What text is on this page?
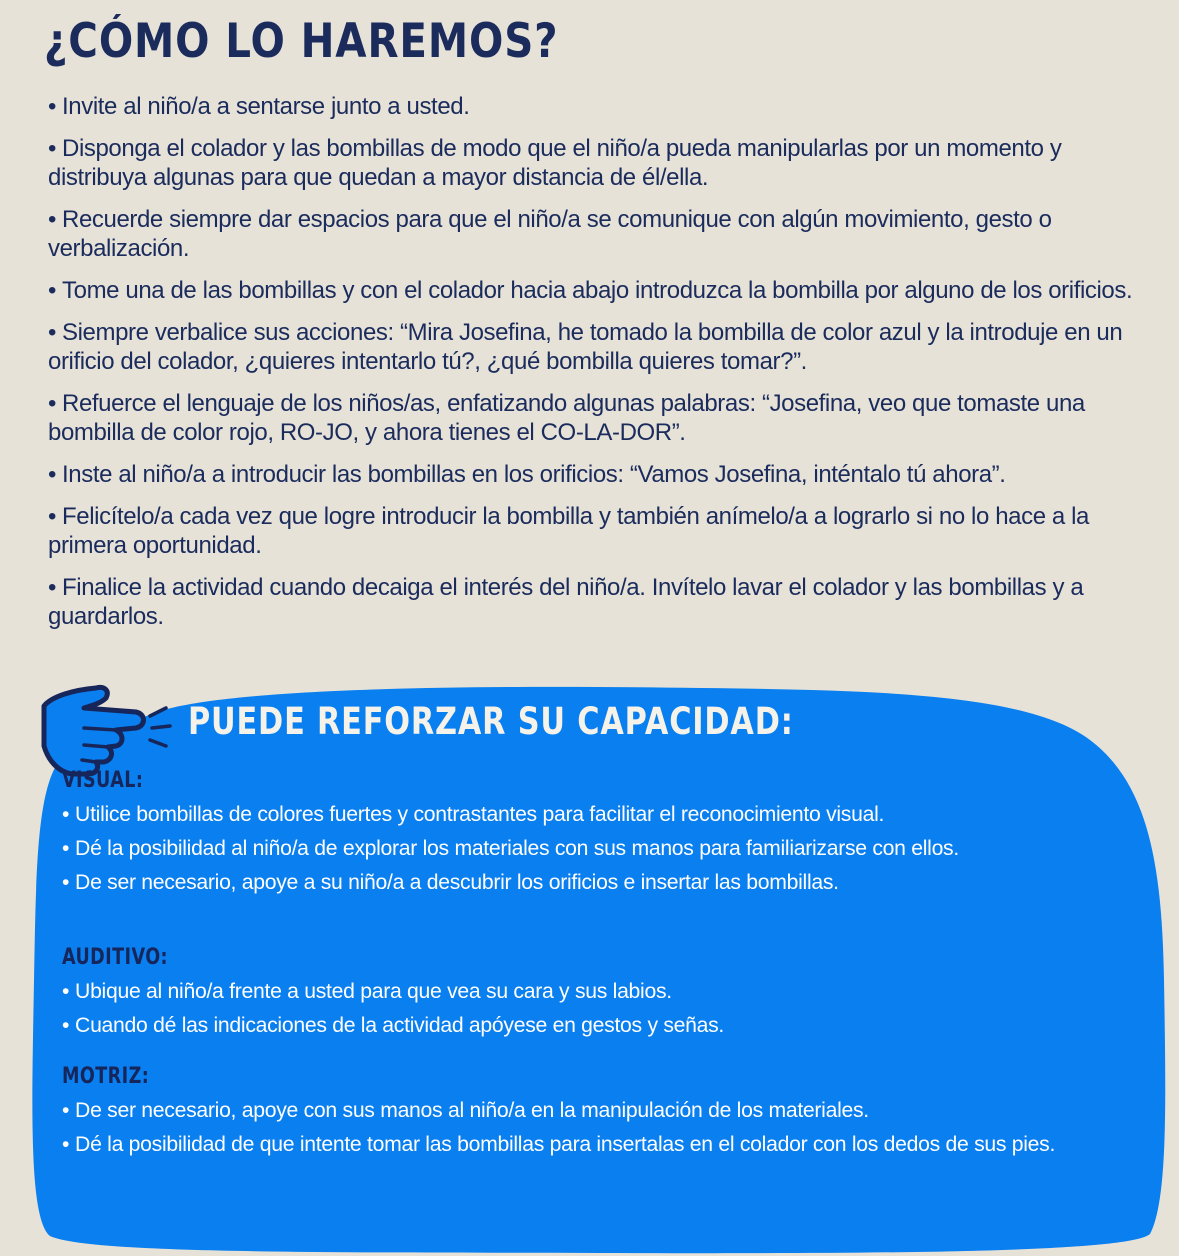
¿CÓMO LO HAREMOS?
• Invite al niño/a a sentarse junto a usted.
• Disponga el colador y las bombillas de modo que el niño/a pueda manipularlas por un momento y distribuya algunas para que quedan a mayor distancia de él/ella.
• Recuerde siempre dar espacios para que el niño/a se comunique con algún movimiento, gesto o verbalización.
• Tome una de las bombillas y con el colador hacia abajo introduzca la bombilla por alguno de los orificios.
• Siempre verbalice sus acciones: “Mira Josefina, he tomado la bombilla de color azul y la introduje en un orificio del colador, ¿quieres intentarlo tú?, ¿qué bombilla quieres tomar?”.
• Refuerce el lenguaje de los niños/as, enfatizando algunas palabras: “Josefina, veo que tomaste una bombilla de color rojo, RO-JO, y ahora tienes el CO-LA-DOR”.
• Inste al niño/a a introducir las bombillas en los orificios: “Vamos Josefina, inténtalo tú ahora”.
• Felicítelo/a cada vez que logre introducir la bombilla y también anímelo/a a lograrlo si no lo hace a la primera oportunidad.
• Finalice la actividad cuando decaiga el interés del niño/a. Invítelo lavar el colador y las bombillas y a guardarlos.
PUEDE REFORZAR SU CAPACIDAD:
VISUAL:
• Utilice bombillas de colores fuertes y contrastantes para facilitar el reconocimiento visual.
• Dé la posibilidad al niño/a de explorar los materiales con sus manos para familiarizarse con ellos.
• De ser necesario, apoye a su niño/a a descubrir los orificios e insertar las bombillas.
AUDITIVO:
• Ubique al niño/a frente a usted para que vea su cara y sus labios.
• Cuando dé las indicaciones de la actividad apóyese en gestos y señas.
MOTRIZ:
• De ser necesario, apoye con sus manos al niño/a en la manipulación de los materiales.
• Dé la posibilidad de que intente tomar las bombillas para insertalas en el colador con los dedos de sus pies.
